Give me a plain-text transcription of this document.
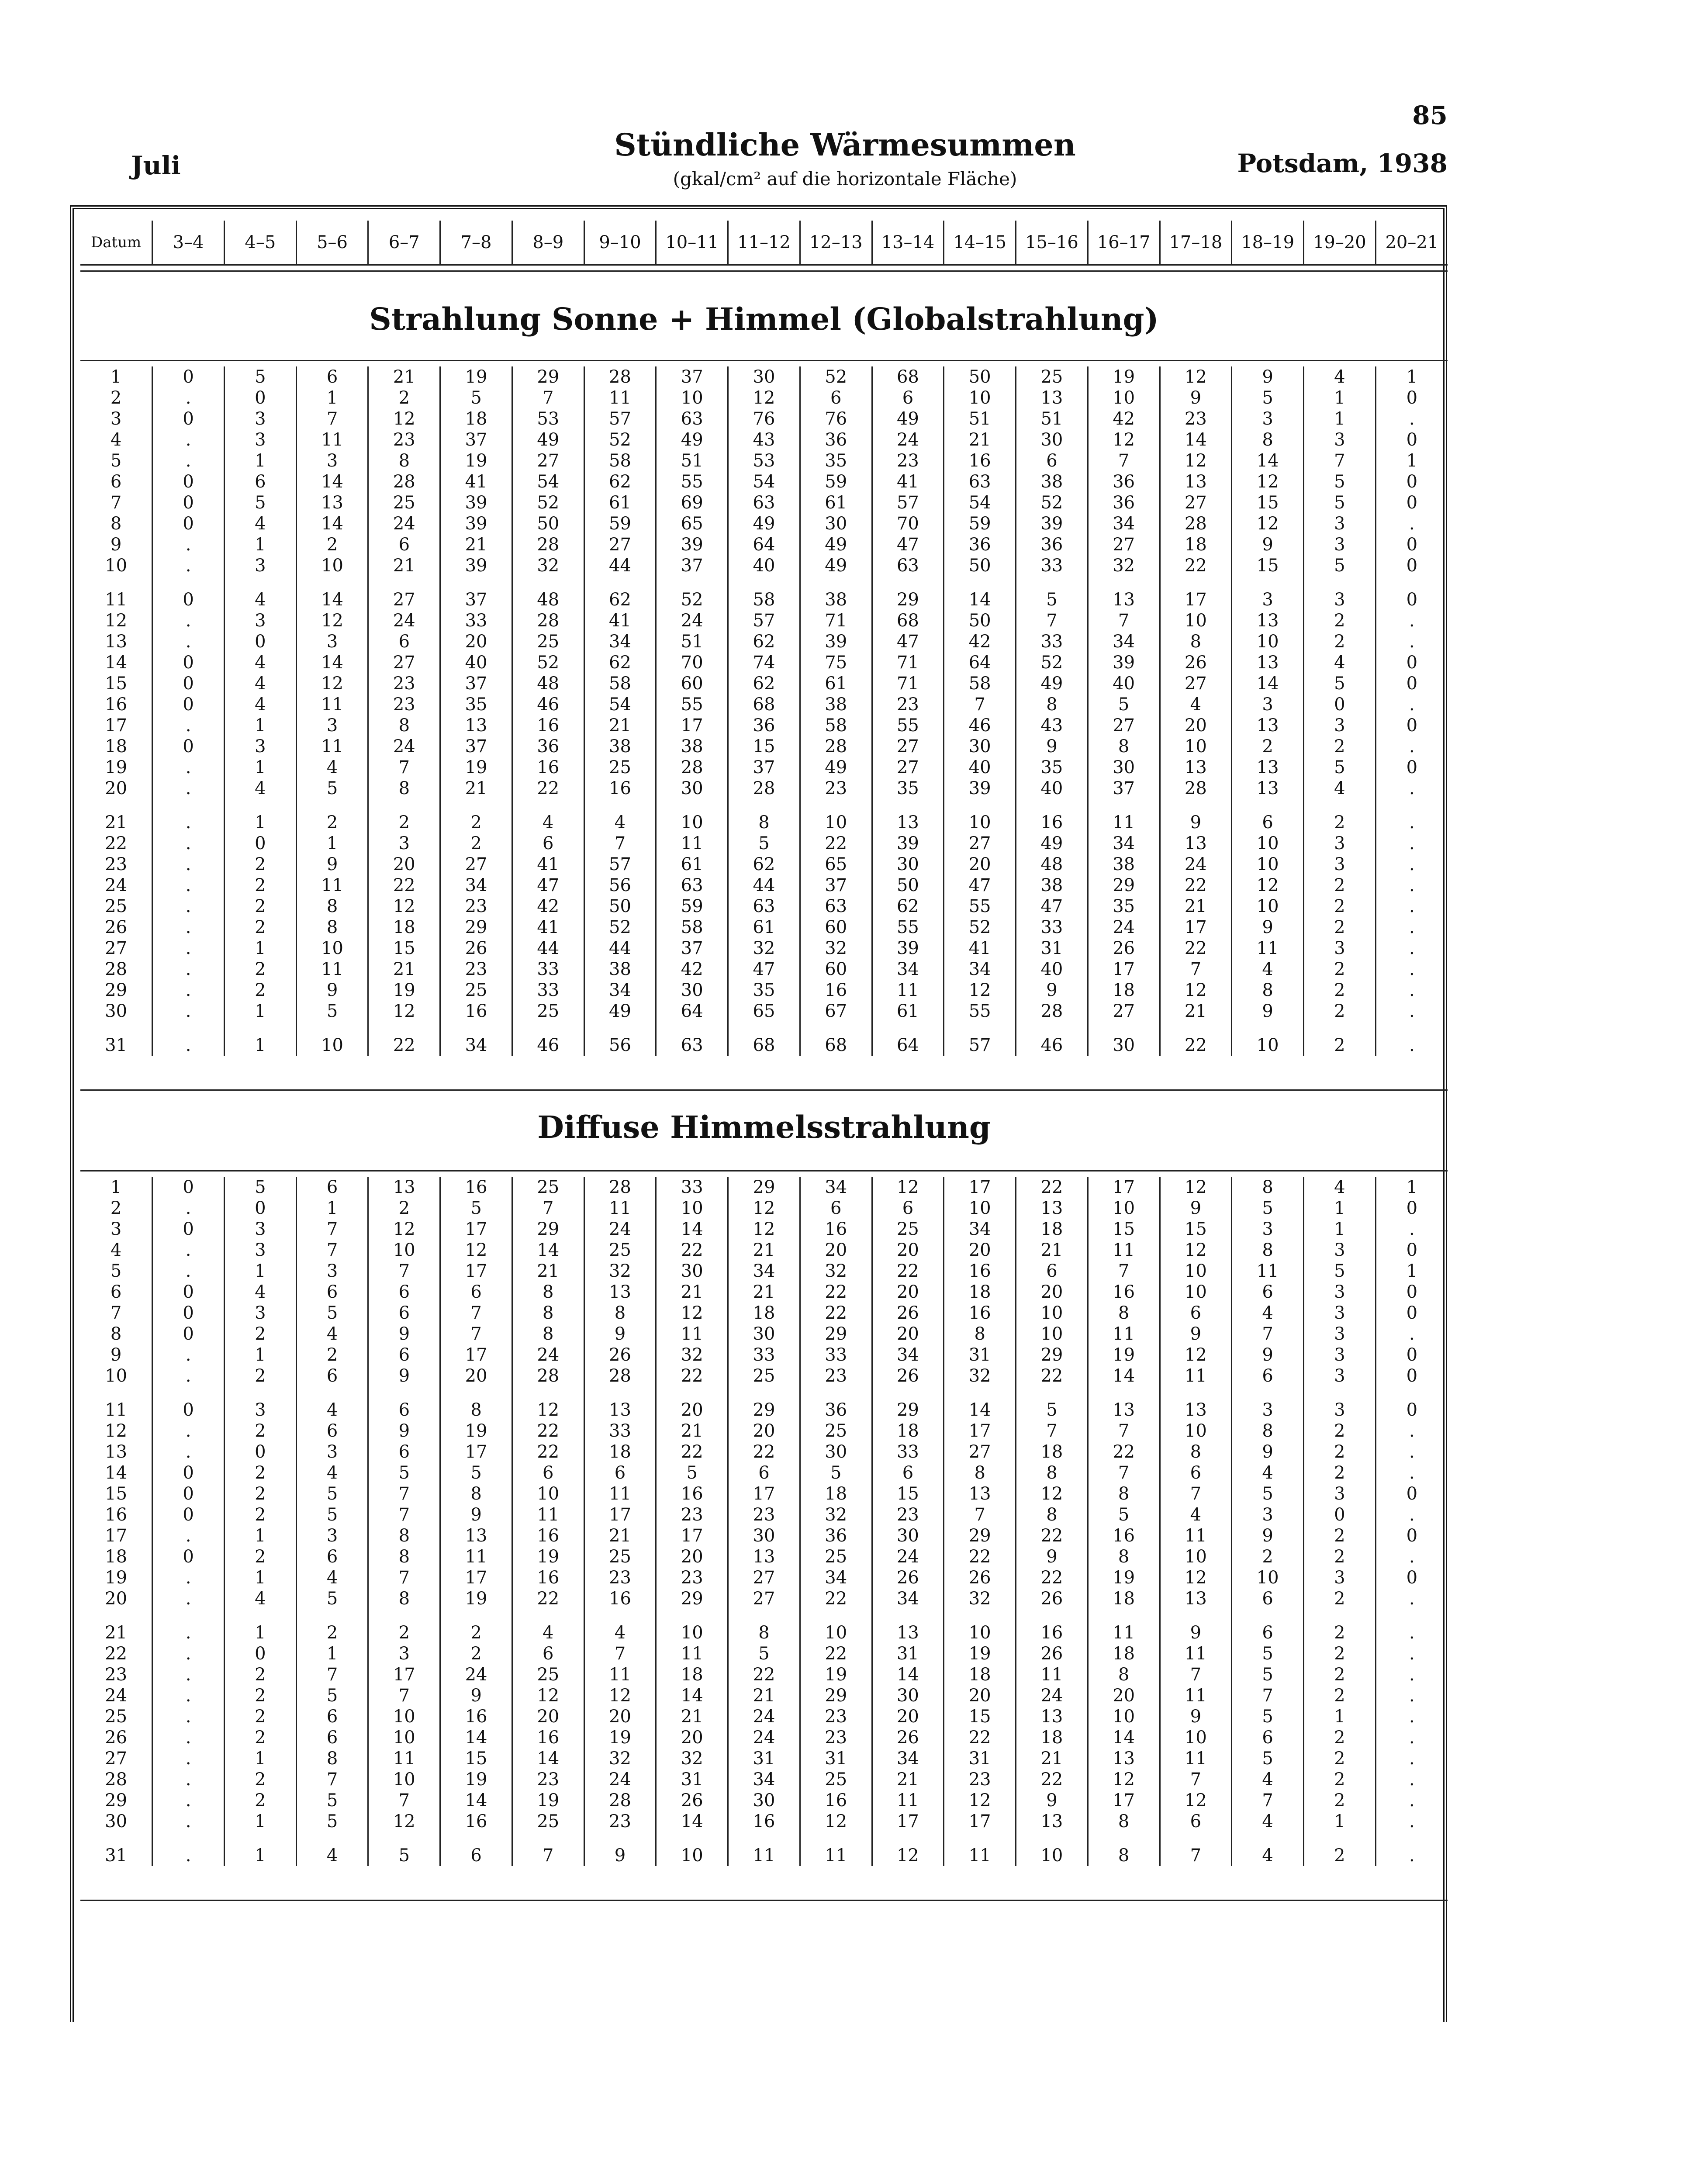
Juli
Stündliche Wärmesummen
(gkal/cm² auf die horizontale Fläche)
85
Potsdam, 1938
Datum	3–4	4–5	5–6	6–7	7–8	8–9	9–10	10–11	11–12	12–13	13–14	14–15	15–16	16–17	17–18	18–19	19–20	20–21
Strahlung Sonne + Himmel (Globalstrahlung)
1	0	5	6	21	19	29	28	37	30	52	68	50	25	19	12	9	4	1
2	.	0	1	2	5	7	11	10	12	6	6	10	13	10	9	5	1	0
3	0	3	7	12	18	53	57	63	76	76	49	51	51	42	23	3	1	.
4	.	3	11	23	37	49	52	49	43	36	24	21	30	12	14	8	3	0
5	.	1	3	8	19	27	58	51	53	35	23	16	6	7	12	14	7	1
6	0	6	14	28	41	54	62	55	54	59	41	63	38	36	13	12	5	0
7	0	5	13	25	39	52	61	69	63	61	57	54	52	36	27	15	5	0
8	0	4	14	24	39	50	59	65	49	30	70	59	39	34	28	12	3	.
9	.	1	2	6	21	28	27	39	64	49	47	36	36	27	18	9	3	0
10	.	3	10	21	39	32	44	37	40	49	63	50	33	32	22	15	5	0

11	0	4	14	27	37	48	62	52	58	38	29	14	5	13	17	3	3	0
12	.	3	12	24	33	28	41	24	57	71	68	50	7	7	10	13	2	.
13	.	0	3	6	20	25	34	51	62	39	47	42	33	34	8	10	2	.
14	0	4	14	27	40	52	62	70	74	75	71	64	52	39	26	13	4	0
15	0	4	12	23	37	48	58	60	62	61	71	58	49	40	27	14	5	0
16	0	4	11	23	35	46	54	55	68	38	23	7	8	5	4	3	0	.
17	.	1	3	8	13	16	21	17	36	58	55	46	43	27	20	13	3	0
18	0	3	11	24	37	36	38	38	15	28	27	30	9	8	10	2	2	.
19	.	1	4	7	19	16	25	28	37	49	27	40	35	30	13	13	5	0
20	.	4	5	8	21	22	16	30	28	23	35	39	40	37	28	13	4	.

21	.	1	2	2	2	4	4	10	8	10	13	10	16	11	9	6	2	.
22	.	0	1	3	2	6	7	11	5	22	39	27	49	34	13	10	3	.
23	.	2	9	20	27	41	57	61	62	65	30	20	48	38	24	10	3	.
24	.	2	11	22	34	47	56	63	44	37	50	47	38	29	22	12	2	.
25	.	2	8	12	23	42	50	59	63	63	62	55	47	35	21	10	2	.
26	.	2	8	18	29	41	52	58	61	60	55	52	33	24	17	9	2	.
27	.	1	10	15	26	44	44	37	32	32	39	41	31	26	22	11	3	.
28	.	2	11	21	23	33	38	42	47	60	34	34	40	17	7	4	2	.
29	.	2	9	19	25	33	34	30	35	16	11	12	9	18	12	8	2	.
30	.	1	5	12	16	25	49	64	65	67	61	55	28	27	21	9	2	.

31	.	1	10	22	34	46	56	63	68	68	64	57	46	30	22	10	2	.
Diffuse Himmelsstrahlung
1	0	5	6	13	16	25	28	33	29	34	12	17	22	17	12	8	4	1
2	.	0	1	2	5	7	11	10	12	6	6	10	13	10	9	5	1	0
3	0	3	7	12	17	29	24	14	12	16	25	34	18	15	15	3	1	.
4	.	3	7	10	12	14	25	22	21	20	20	20	21	11	12	8	3	0
5	.	1	3	7	17	21	32	30	34	32	22	16	6	7	10	11	5	1
6	0	4	6	6	6	8	13	21	21	22	20	18	20	16	10	6	3	0
7	0	3	5	6	7	8	8	12	18	22	26	16	10	8	6	4	3	0
8	0	2	4	9	7	8	9	11	30	29	20	8	10	11	9	7	3	.
9	.	1	2	6	17	24	26	32	33	33	34	31	29	19	12	9	3	0
10	.	2	6	9	20	28	28	22	25	23	26	32	22	14	11	6	3	0

11	0	3	4	6	8	12	13	20	29	36	29	14	5	13	13	3	3	0
12	.	2	6	9	19	22	33	21	20	25	18	17	7	7	10	8	2	.
13	.	0	3	6	17	22	18	22	22	30	33	27	18	22	8	9	2	.
14	0	2	4	5	5	6	6	5	6	5	6	8	8	7	6	4	2	.
15	0	2	5	7	8	10	11	16	17	18	15	13	12	8	7	5	3	0
16	0	2	5	7	9	11	17	23	23	32	23	7	8	5	4	3	0	.
17	.	1	3	8	13	16	21	17	30	36	30	29	22	16	11	9	2	0
18	0	2	6	8	11	19	25	20	13	25	24	22	9	8	10	2	2	.
19	.	1	4	7	17	16	23	23	27	34	26	26	22	19	12	10	3	0
20	.	4	5	8	19	22	16	29	27	22	34	32	26	18	13	6	2	.

21	.	1	2	2	2	4	4	10	8	10	13	10	16	11	9	6	2	.
22	.	0	1	3	2	6	7	11	5	22	31	19	26	18	11	5	2	.
23	.	2	7	17	24	25	11	18	22	19	14	18	11	8	7	5	2	.
24	.	2	5	7	9	12	12	14	21	29	30	20	24	20	11	7	2	.
25	.	2	6	10	16	20	20	21	24	23	20	15	13	10	9	5	1	.
26	.	2	6	10	14	16	19	20	24	23	26	22	18	14	10	6	2	.
27	.	1	8	11	15	14	32	32	31	31	34	31	21	13	11	5	2	.
28	.	2	7	10	19	23	24	31	34	25	21	23	22	12	7	4	2	.
29	.	2	5	7	14	19	28	26	30	16	11	12	9	17	12	7	2	.
30	.	1	5	12	16	25	23	14	16	12	17	17	13	8	6	4	1	.

31	.	1	4	5	6	7	9	10	11	11	12	11	10	8	7	4	2	.
